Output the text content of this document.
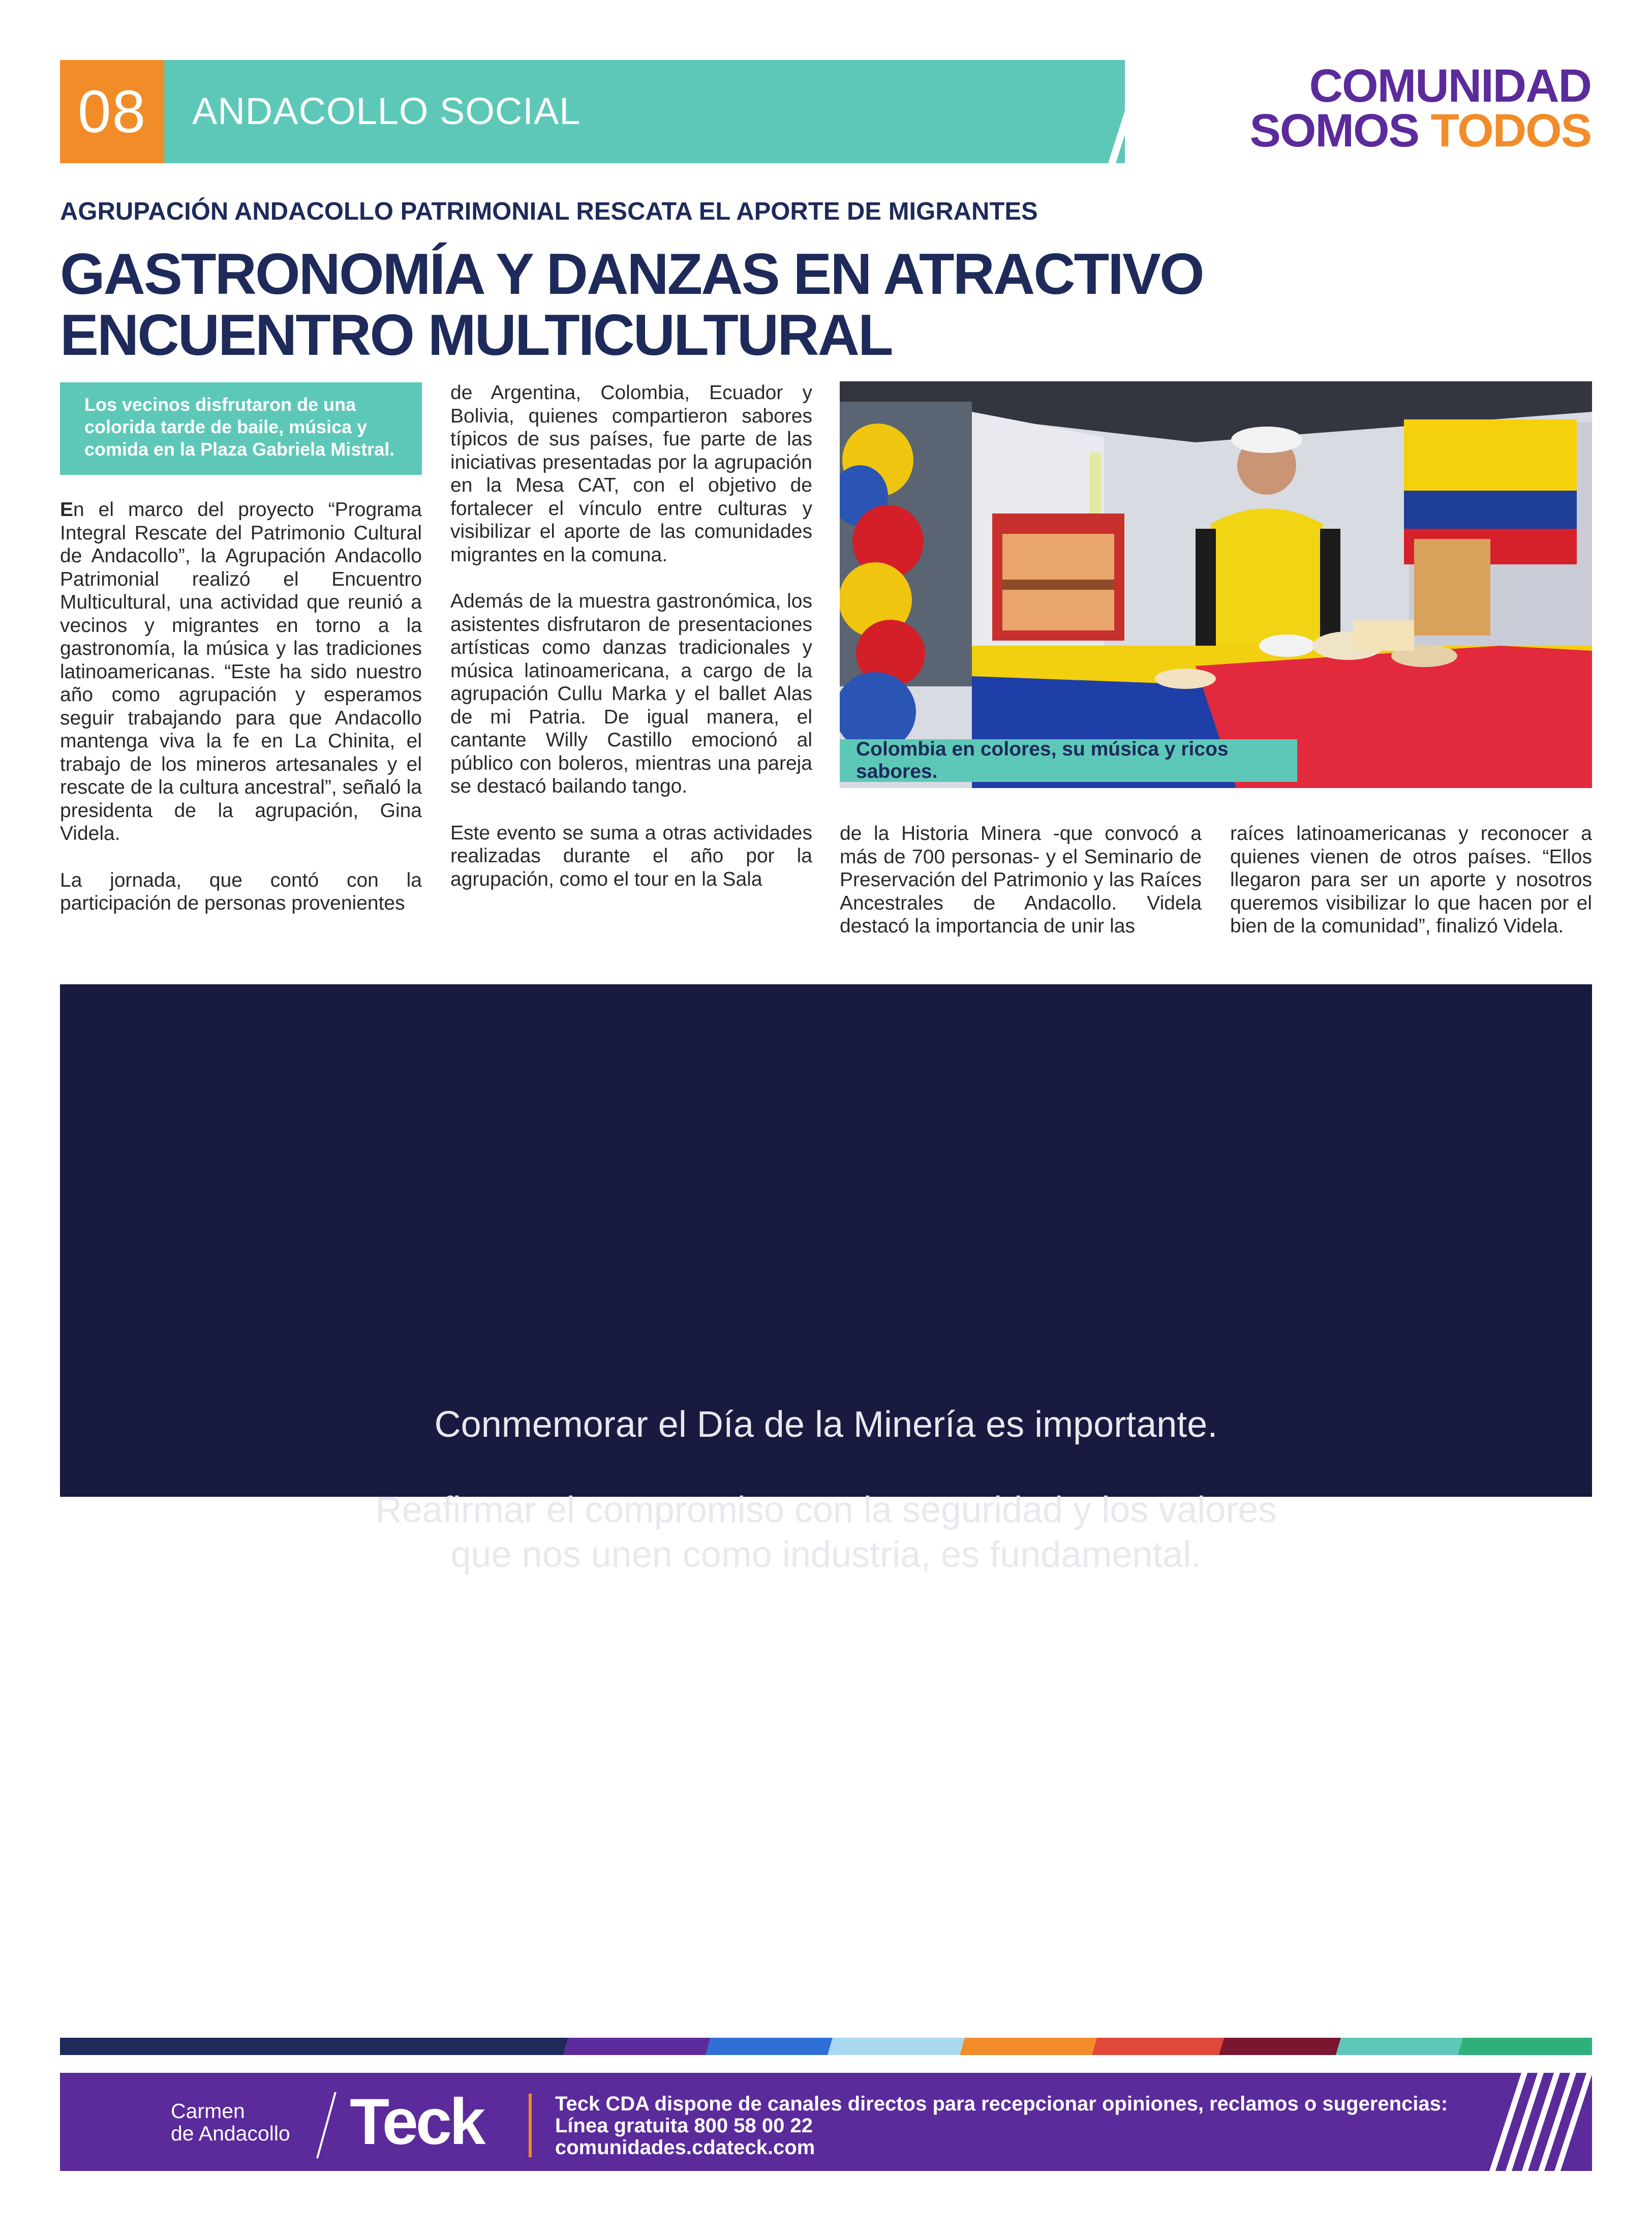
08	ANDACOLLO SOCIAL	COMUNIDAD
SOMOS TODOS
AGRUPACIÓN ANDACOLLO PATRIMONIAL RESCATA EL APORTE DE MIGRANTES
GASTRONOMÍA Y DANZAS EN ATRACTIVO
ENCUENTRO MULTICULTURAL
Los vecinos disfrutaron de una colorida tarde de baile, música y comida en la Plaza Gabriela Mistral.

En el marco del proyecto “Programa Integral Rescate del Patrimonio Cultural de Andacollo”, la Agrupación Andacollo Patrimonial realizó el Encuentro Multicultural, una actividad que reunió a vecinos y migrantes en torno a la gastronomía, la música y las tradiciones latinoamericanas. “Este ha sido nuestro año como agrupación y esperamos seguir trabajando para que Andacollo mantenga viva la fe en La Chinita, el trabajo de los mineros artesanales y el rescate de la cultura ancestral”, señaló la presidenta de la agrupación, Gina Videla.

La jornada, que contó con la participación de personas provenientes

de Argentina, Colombia, Ecuador y Bolivia, quienes compartieron sabores típicos de sus países, fue parte de las iniciativas presentadas por la agrupación en la Mesa CAT, con el objetivo de fortalecer el vínculo entre culturas y visibilizar el aporte de las comunidades migrantes en la comuna.

Además de la muestra gastronómica, los asistentes disfrutaron de presentaciones artísticas como danzas tradicionales y música latinoamericana, a cargo de la agrupación Cullu Marka y el ballet Alas de mi Patria. De igual manera, el cantante Willy Castillo emocionó al público con boleros, mientras una pareja se destacó bailando tango.

Este evento se suma a otras actividades realizadas durante el año por la agrupación, como el tour en la Sala

Colombia en colores, su música y ricos sabores.

de la Historia Minera -que convocó a más de 700 personas- y el Seminario de Preservación del Patrimonio y las Raíces Ancestrales de Andacollo. Videla destacó la importancia de unir las

raíces latinoamericanas y reconocer a quienes vienen de otros países. “Ellos llegaron para ser un aporte y nosotros queremos visibilizar lo que hacen por el bien de la comunidad”, finalizó Videla.

Conmemorar el Día de la Minería es importante.
Reafirmar el compromiso con la seguridad y los valores
que nos unen como industria, es fundamental.
Teck	En el mundo de la minería,
el mundo debe estar primero
Carmen
de Andacollo Teck	Teck CDA dispone de canales directos para recepcionar opiniones, reclamos o sugerencias:
Línea gratuita 800 58 00 22
comunidades.cdateck.com
